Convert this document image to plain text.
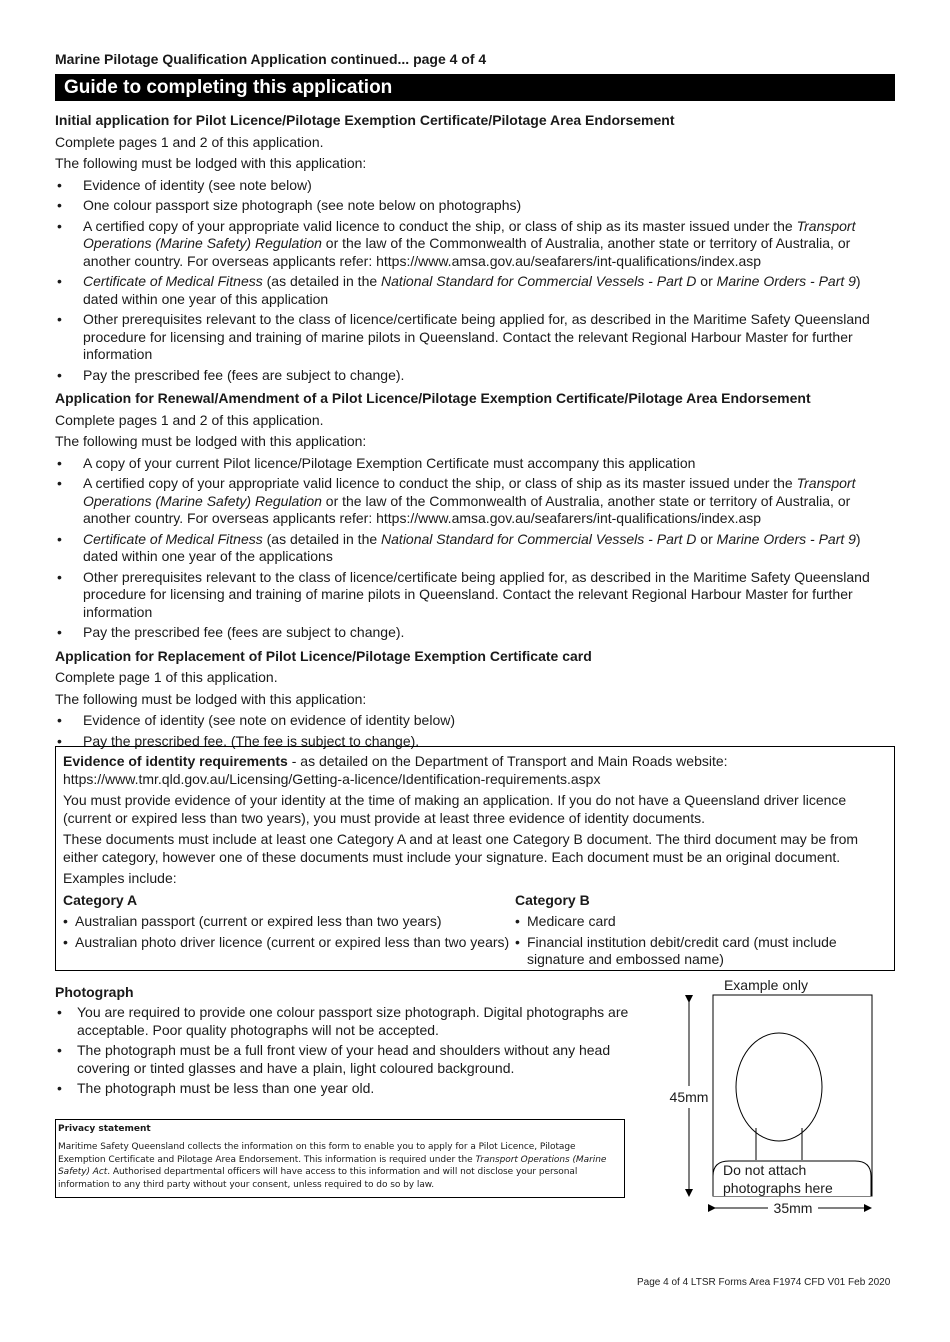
Marine Pilotage Qualification Application continued... page 4 of 4
Guide to completing this application
Initial application for Pilot Licence/Pilotage Exemption Certificate/Pilotage Area Endorsement
Complete pages 1 and 2 of this application.
The following must be lodged with this application:
• Evidence of identity (see note below)
• One colour passport size photograph (see note below on photographs)
• A certified copy of your appropriate valid licence to conduct the ship, or class of ship as its master issued under the Transport Operations (Marine Safety) Regulation or the law of the Commonwealth of Australia, another state or territory of Australia, or another country. For overseas applicants refer: https://www.amsa.gov.au/seafarers/int-qualifications/index.asp
• Certificate of Medical Fitness (as detailed in the National Standard for Commercial Vessels - Part D or Marine Orders - Part 9) dated within one year of this application
• Other prerequisites relevant to the class of licence/certificate being applied for, as described in the Maritime Safety Queensland procedure for licensing and training of marine pilots in Queensland. Contact the relevant Regional Harbour Master for further information
• Pay the prescribed fee (fees are subject to change).
Application for Renewal/Amendment of a Pilot Licence/Pilotage Exemption Certificate/Pilotage Area Endorsement
Complete pages 1 and 2 of this application.
The following must be lodged with this application:
• A copy of your current Pilot licence/Pilotage Exemption Certificate must accompany this application
• A certified copy of your appropriate valid licence to conduct the ship, or class of ship as its master issued under the Transport Operations (Marine Safety) Regulation or the law of the Commonwealth of Australia, another state or territory of Australia, or another country. For overseas applicants refer: https://www.amsa.gov.au/seafarers/int-qualifications/index.asp
• Certificate of Medical Fitness (as detailed in the National Standard for Commercial Vessels - Part D or Marine Orders - Part 9) dated within one year of the applications
• Other prerequisites relevant to the class of licence/certificate being applied for, as described in the Maritime Safety Queensland procedure for licensing and training of marine pilots in Queensland. Contact the relevant Regional Harbour Master for further information
• Pay the prescribed fee (fees are subject to change).
Application for Replacement of Pilot Licence/Pilotage Exemption Certificate card
Complete page 1 of this application.
The following must be lodged with this application:
• Evidence of identity (see note on evidence of identity below)
• Pay the prescribed fee. (The fee is subject to change).
Evidence of identity requirements - as detailed on the Department of Transport and Main Roads website:
https://www.tmr.qld.gov.au/Licensing/Getting-a-licence/Identification-requirements.aspx
You must provide evidence of your identity at the time of making an application. If you do not have a Queensland driver licence (current or expired less than two years), you must provide at least three evidence of identity documents.
These documents must include at least one Category A and at least one Category B document. The third document may be from either category, however one of these documents must include your signature. Each document must be an original document.
Examples include:
Category A
• Australian passport (current or expired less than two years)
• Australian photo driver licence (current or expired less than two years)
Category B
• Medicare card
• Financial institution debit/credit card (must include signature and embossed name)
Photograph
• You are required to provide one colour passport size photograph. Digital photographs are acceptable. Poor quality photographs will not be accepted.
• The photograph must be a full front view of your head and shoulders without any head covering or tinted glasses and have a plain, light coloured background.
• The photograph must be less than one year old.
Privacy statement
Maritime Safety Queensland collects the information on this form to enable you to apply for a Pilot Licence, Pilotage Exemption Certificate and Pilotage Area Endorsement. This information is required under the Transport Operations (Marine Safety) Act. Authorised departmental officers will have access to this information and will not disclose your personal information to any third party without your consent, unless required to do so by law.
Example only
Do not attach
photographs here
45mm
35mm
Page 4 of 4 LTSR Forms Area F1974 CFD V01 Feb 2020
